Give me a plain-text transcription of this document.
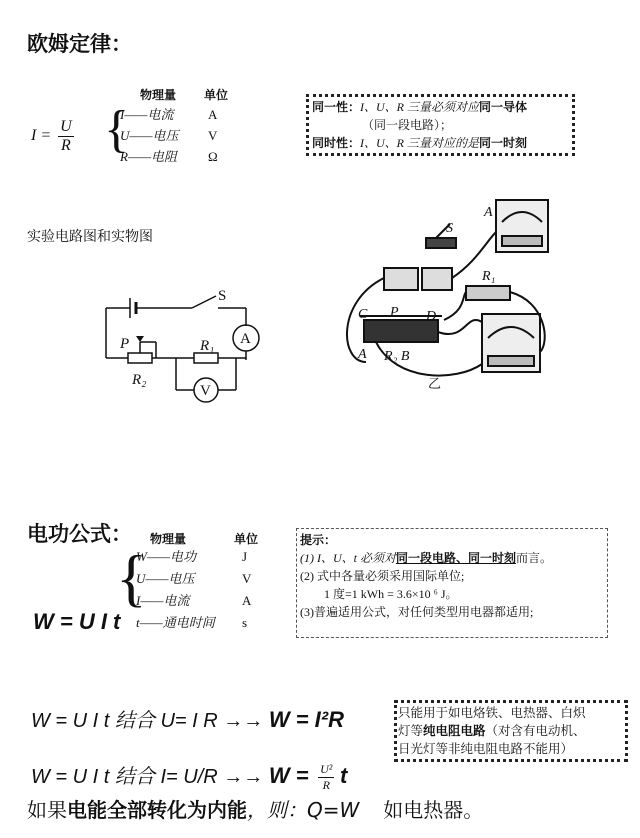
欧姆定律：
$I = \frac{U}{R}$
物理量 单位
{
I——电流
U——电压
R——电阻
A
V
Ω
同一性：I、U、R 三量必须对应同一导体
（同一段电路）；
同时性：I、U、R 三量对应的是同一时刻
实验电路图和实物图
S
A
P	R₁
R₂
V
A
S
R₁
C P D
A R₂ B
乙
电功公式：
W = U I t
物理量	单位
{
W——电功
U——电压
I——电流
t——通电时间
J
V
A
s
提示：
(1) I、U、t 必须对同一段电路、同一时刻而言。
(2) 式中各量必须采用国际单位;
1 度=1 kWh = 3.6×10 ⁶ J。
(3)普遍适用公式，对任何类型用电器都适用;
W = U I t 结合 U= I R →→ W = I²R
W = U I t 结合 $I= U/R \to\to W = \frac{\text{U²}}{R}$ t
只能用于如电烙铁、电热器、白炽
灯等纯电阻电路（对含有电动机、
日光灯等非纯电阻电路不能用）
如果电能全部转化为内能，则：Q=W 如电热器。
